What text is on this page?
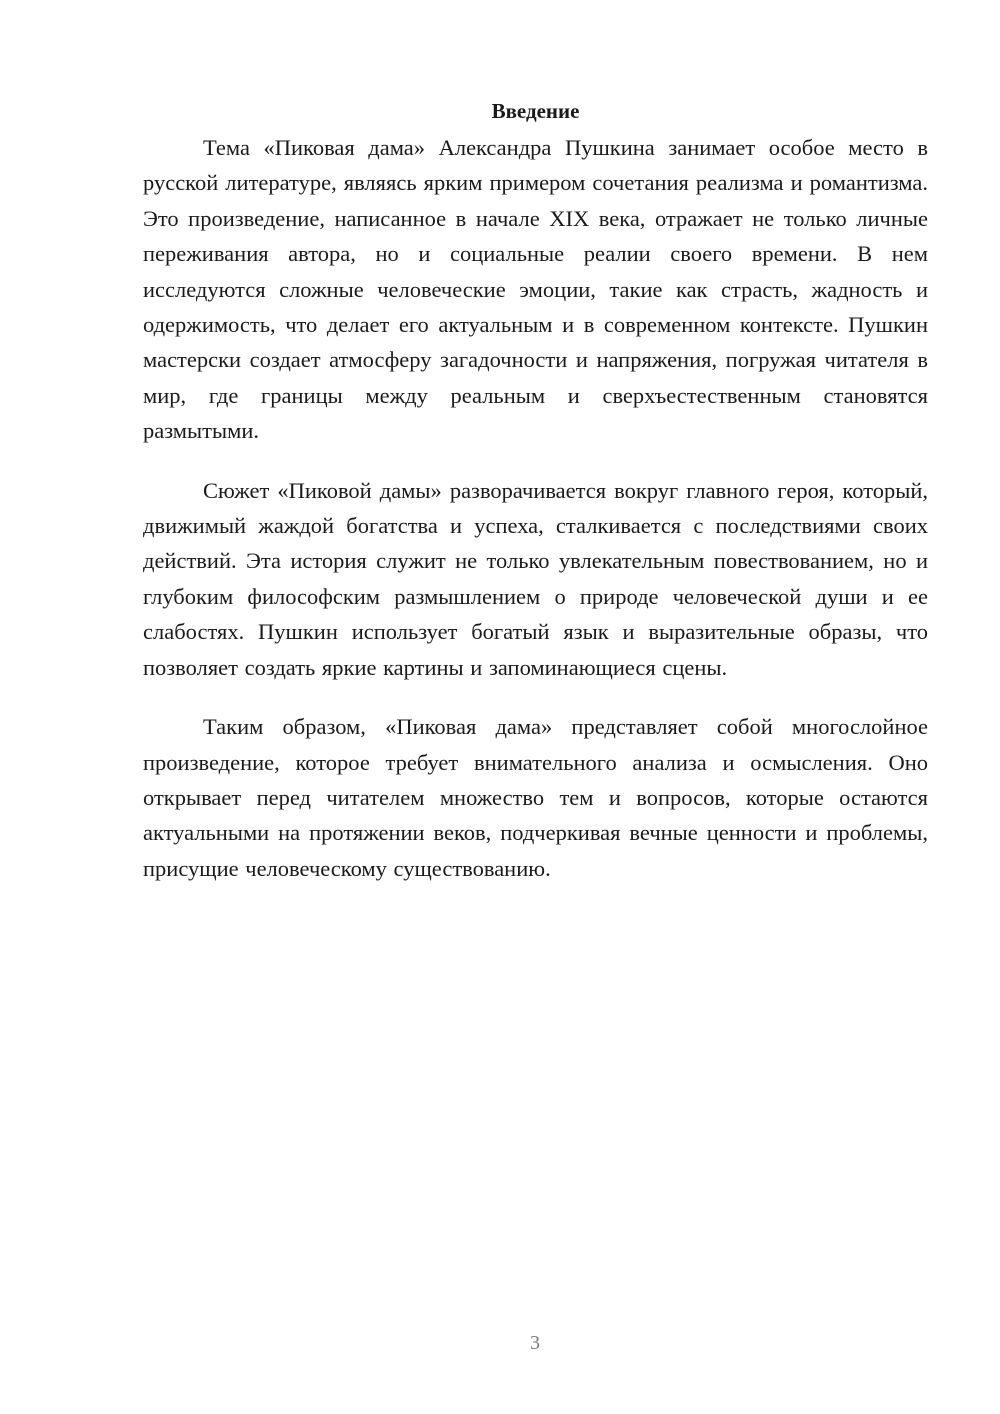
Введение

Тема «Пиковая дама» Александра Пушкина занимает особое место в русской литературе, являясь ярким примером сочетания реализма и романтизма. Это произведение, написанное в начале XIX века, отражает не только личные переживания автора, но и социальные реалии своего времени. В нем исследуются сложные человеческие эмоции, такие как страсть, жадность и одержимость, что делает его актуальным и в современном контексте. Пушкин мастерски создает атмосферу загадочности и напряжения, погружая читателя в мир, где границы между реальным и сверхъестественным становятся размытыми.

Сюжет «Пиковой дамы» разворачивается вокруг главного героя, который, движимый жаждой богатства и успеха, сталкивается с последствиями своих действий. Эта история служит не только увлекательным повествованием, но и глубоким философским размышлением о природе человеческой души и ее слабостях. Пушкин использует богатый язык и выразительные образы, что позволяет создать яркие картины и запоминающиеся сцены.

Таким образом, «Пиковая дама» представляет собой многослойное произведение, которое требует внимательного анализа и осмысления. Оно открывает перед читателем множество тем и вопросов, которые остаются актуальными на протяжении веков, подчеркивая вечные ценности и проблемы, присущие человеческому существованию.

3
